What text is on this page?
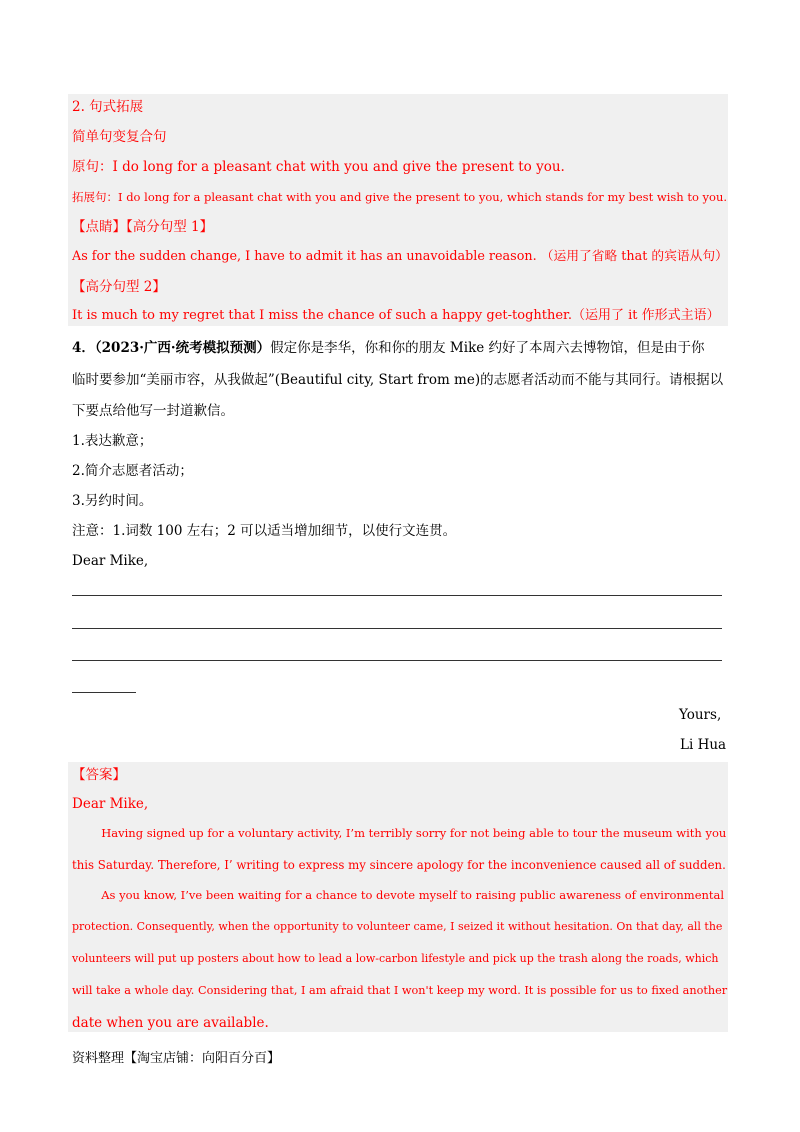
2. 句式拓展
简单句变复合句
原句：I do long for a pleasant chat with you and give the present to you.
拓展句：I do long for a pleasant chat with you and give the present to you, which stands for my best wish to you.
【点睛】【高分句型 1】
As for the sudden change, I have to admit it has an unavoidable reason. （运用了省略 that 的宾语从句）
【高分句型 2】
It is much to my regret that I miss the chance of such a happy get-toghther.（运用了 it 作形式主语）
4．（2023·广西·统考模拟预测）假定你是李华，你和你的朋友 Mike 约好了本周六去博物馆，但是由于你
临时要参加“美丽市容，从我做起”(Beautiful city, Start from me)的志愿者活动而不能与其同行。请根据以
下要点给他写一封道歉信。
1.表达歉意；
2.简介志愿者活动；
3.另约时间。
注意：1.词数 100 左右；2 可以适当增加细节，以使行文连贯。
Dear Mike,
Yours,
Li Hua
【答案】
Dear Mike,
Having signed up for a voluntary activity, I’m terribly sorry for not being able to tour the museum with you
this Saturday. Therefore, I’ writing to express my sincere apology for the inconvenience caused all of sudden.
As you know, I’ve been waiting for a chance to devote myself to raising public awareness of environmental
protection. Consequently, when the opportunity to volunteer came, I seized it without hesitation. On that day, all the
volunteers will put up posters about how to lead a low-carbon lifestyle and pick up the trash along the roads, which
will take a whole day. Considering that, I am afraid that I won't keep my word. It is possible for us to fixed another
date when you are available.
资料整理【淘宝店铺：向阳百分百】
